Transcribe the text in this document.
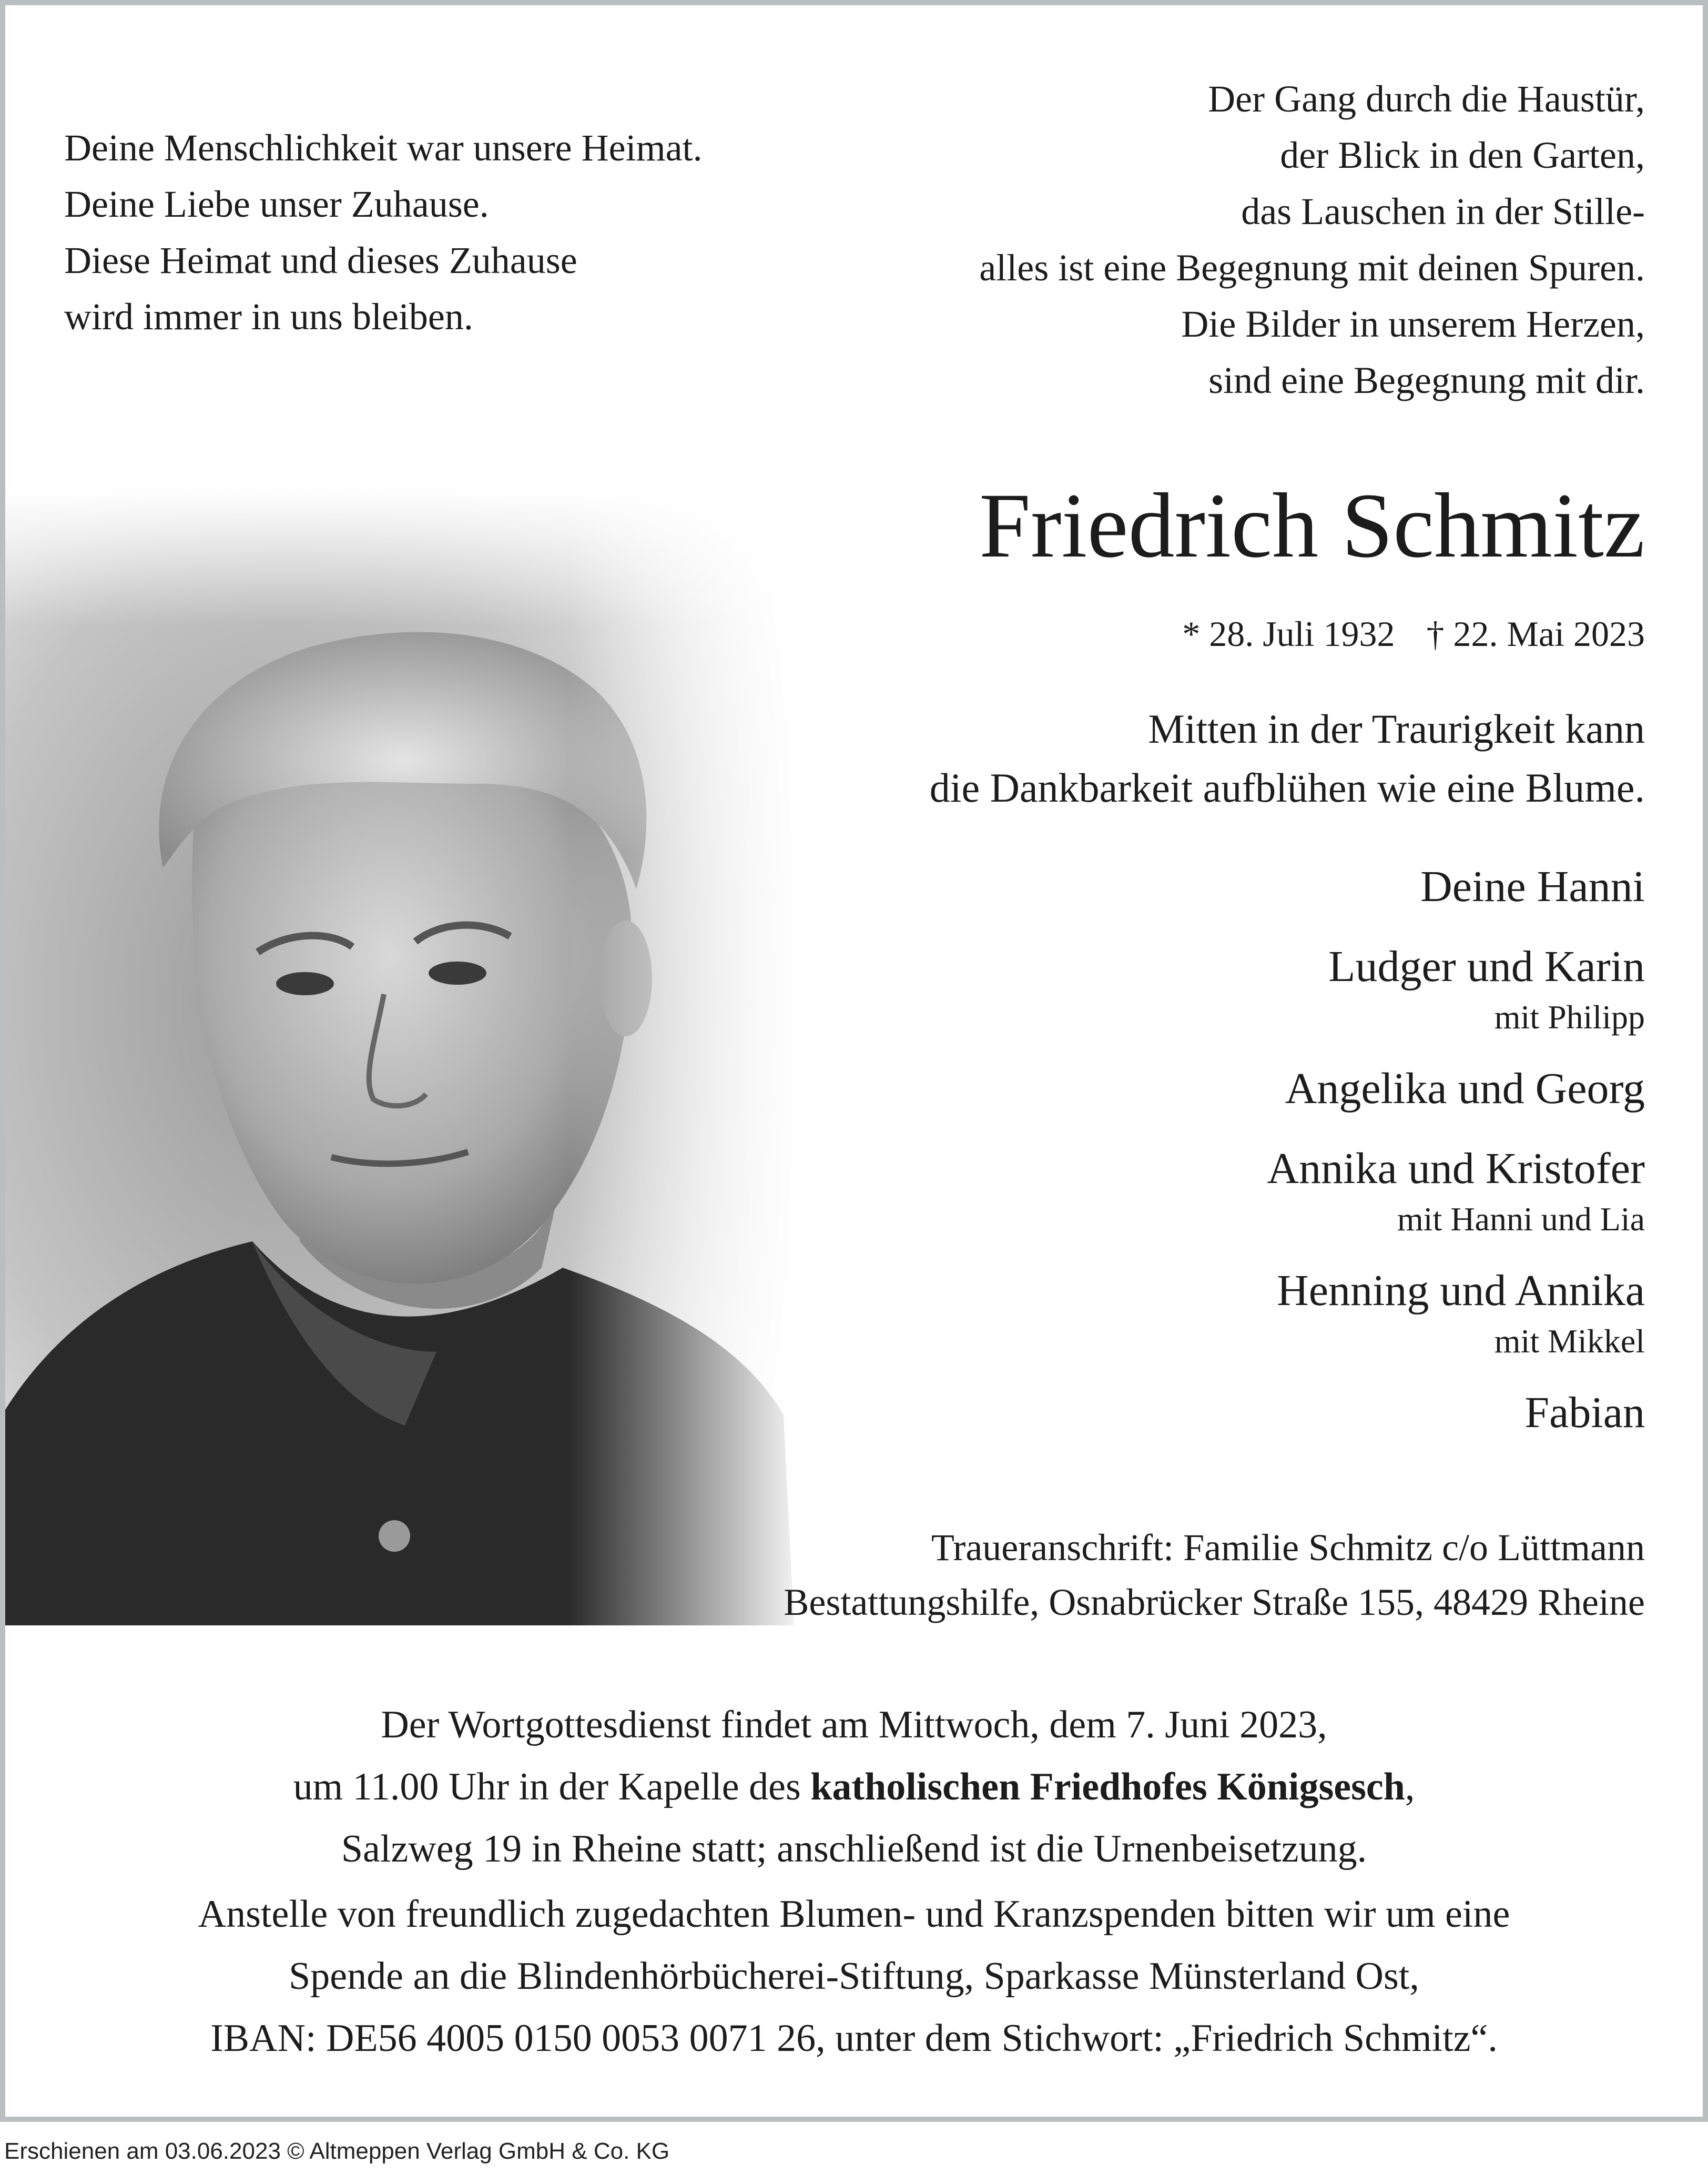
Deine Menschlichkeit war unsere Heimat.
Deine Liebe unser Zuhause.
Diese Heimat und dieses Zuhause
wird immer in uns bleiben.
Der Gang durch die Haustür,
der Blick in den Garten,
das Lauschen in der Stille-
alles ist eine Begegnung mit deinen Spuren.
Die Bilder in unserem Herzen,
sind eine Begegnung mit dir.
Friedrich Schmitz
* 28. Juli 1932 † 22. Mai 2023
Mitten in der Traurigkeit kann
die Dankbarkeit aufblühen wie eine Blume.
Deine Hanni
Ludger und Karin
mit Philipp
Angelika und Georg
Annika und Kristofer
mit Hanni und Lia
Henning und Annika
mit Mikkel
Fabian
Traueranschrift: Familie Schmitz c/o Lüttmann
Bestattungshilfe, Osnabrücker Straße 155, 48429 Rheine
Der Wortgottesdienst findet am Mittwoch, dem 7. Juni 2023,
um 11.00 Uhr in der Kapelle des katholischen Friedhofes Königsesch,
Salzweg 19 in Rheine statt; anschließend ist die Urnenbeisetzung.
Anstelle von freundlich zugedachten Blumen- und Kranzspenden bitten wir um eine
Spende an die Blindenhörbücherei-Stiftung, Sparkasse Münsterland Ost,
IBAN: DE56 4005 0150 0053 0071 26, unter dem Stichwort: „Friedrich Schmitz“.
Erschienen am 03.06.2023 © Altmeppen Verlag GmbH & Co. KG
